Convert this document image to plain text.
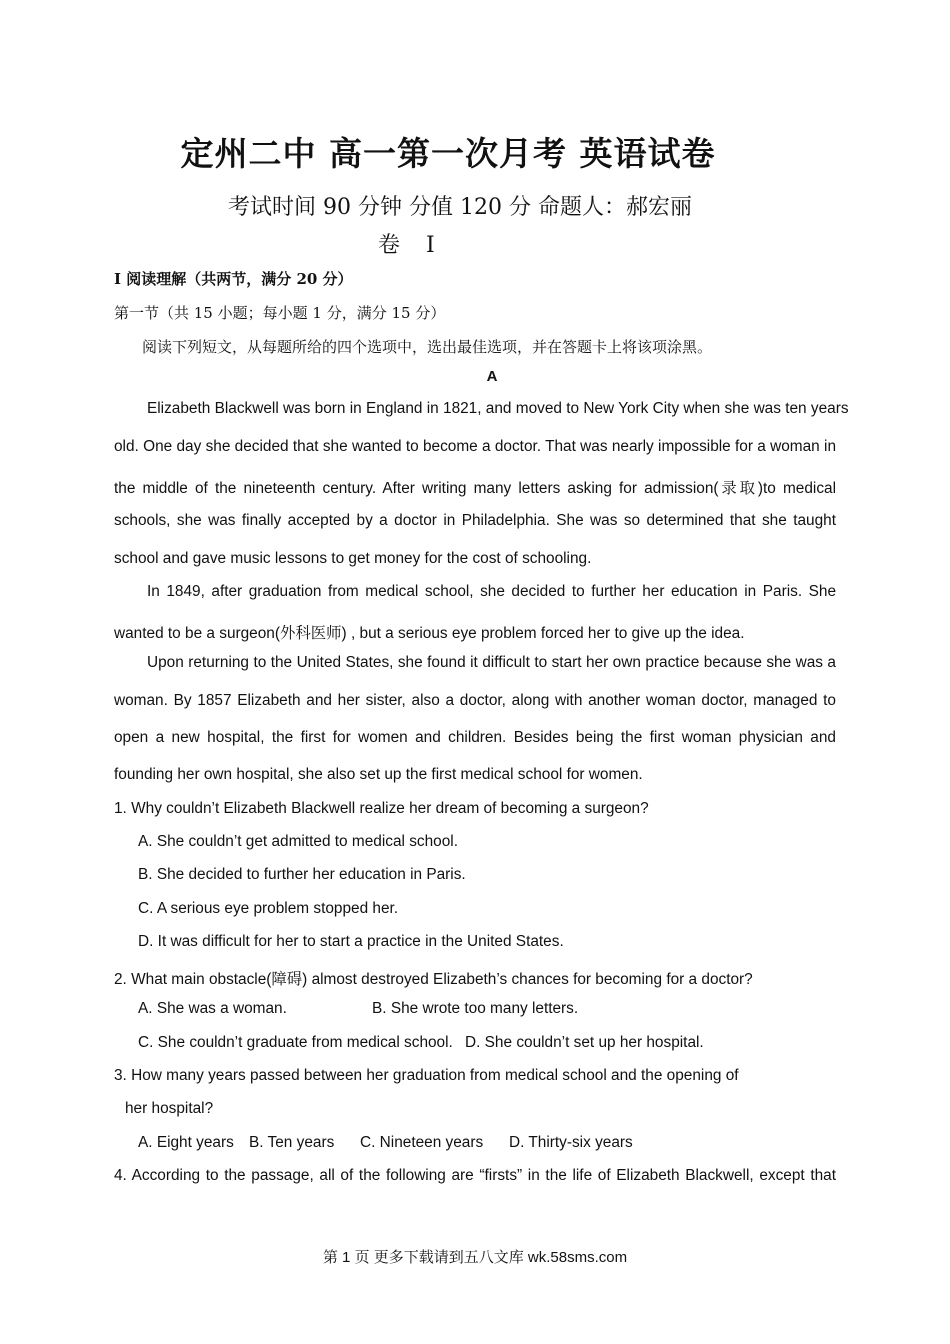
定州二中 高一第一次月考 英语试卷
考试时间 90 分钟 分值 120 分 命题人：郝宏丽
卷 Ⅰ
Ⅰ 阅读理解（共两节，满分 20 分）
第一节（共 15 小题；每小题 1 分，满分 15 分）
阅读下列短文，从每题所给的四个选项中，选出最佳选项，并在答题卡上将该项涂黑。
A
Elizabeth Blackwell was born in England in 1821, and moved to New York City when she was ten years
old. One day she decided that she wanted to become a doctor. That was nearly impossible for a woman in
the middle of the nineteenth century. After writing many letters asking for admission(录取)to medical
schools, she was finally accepted by a doctor in Philadelphia. She was so determined that she taught
school and gave music lessons to get money for the cost of schooling.
In 1849, after graduation from medical school, she decided to further her education in Paris. She
wanted to be a surgeon(外科医师) , but a serious eye problem forced her to give up the idea.
Upon returning to the United States, she found it difficult to start her own practice because she was a
woman. By 1857 Elizabeth and her sister, also a doctor, along with another woman doctor, managed to
open a new hospital, the first for women and children. Besides being the first woman physician and
founding her own hospital, she also set up the first medical school for women.
1. Why couldn’t Elizabeth Blackwell realize her dream of becoming a surgeon?
A. She couldn’t get admitted to medical school.
B. She decided to further her education in Paris.
C. A serious eye problem stopped her.
D. It was difficult for her to start a practice in the United States.
2. What main obstacle(障碍) almost destroyed Elizabeth’s chances for becoming for a doctor?
A. She was a woman.	B. She wrote too many letters.
C. She couldn’t graduate from medical school. D. She couldn’t set up her hospital.
3. How many years passed between her graduation from medical school and the opening of
her hospital?
A. Eight years B. Ten years C. Nineteen years D. Thirty-six years
4. According to the passage, all of the following are “firsts” in the life of Elizabeth Blackwell, except that
第 1 页 更多下载请到五八文库 wk.58sms.com
